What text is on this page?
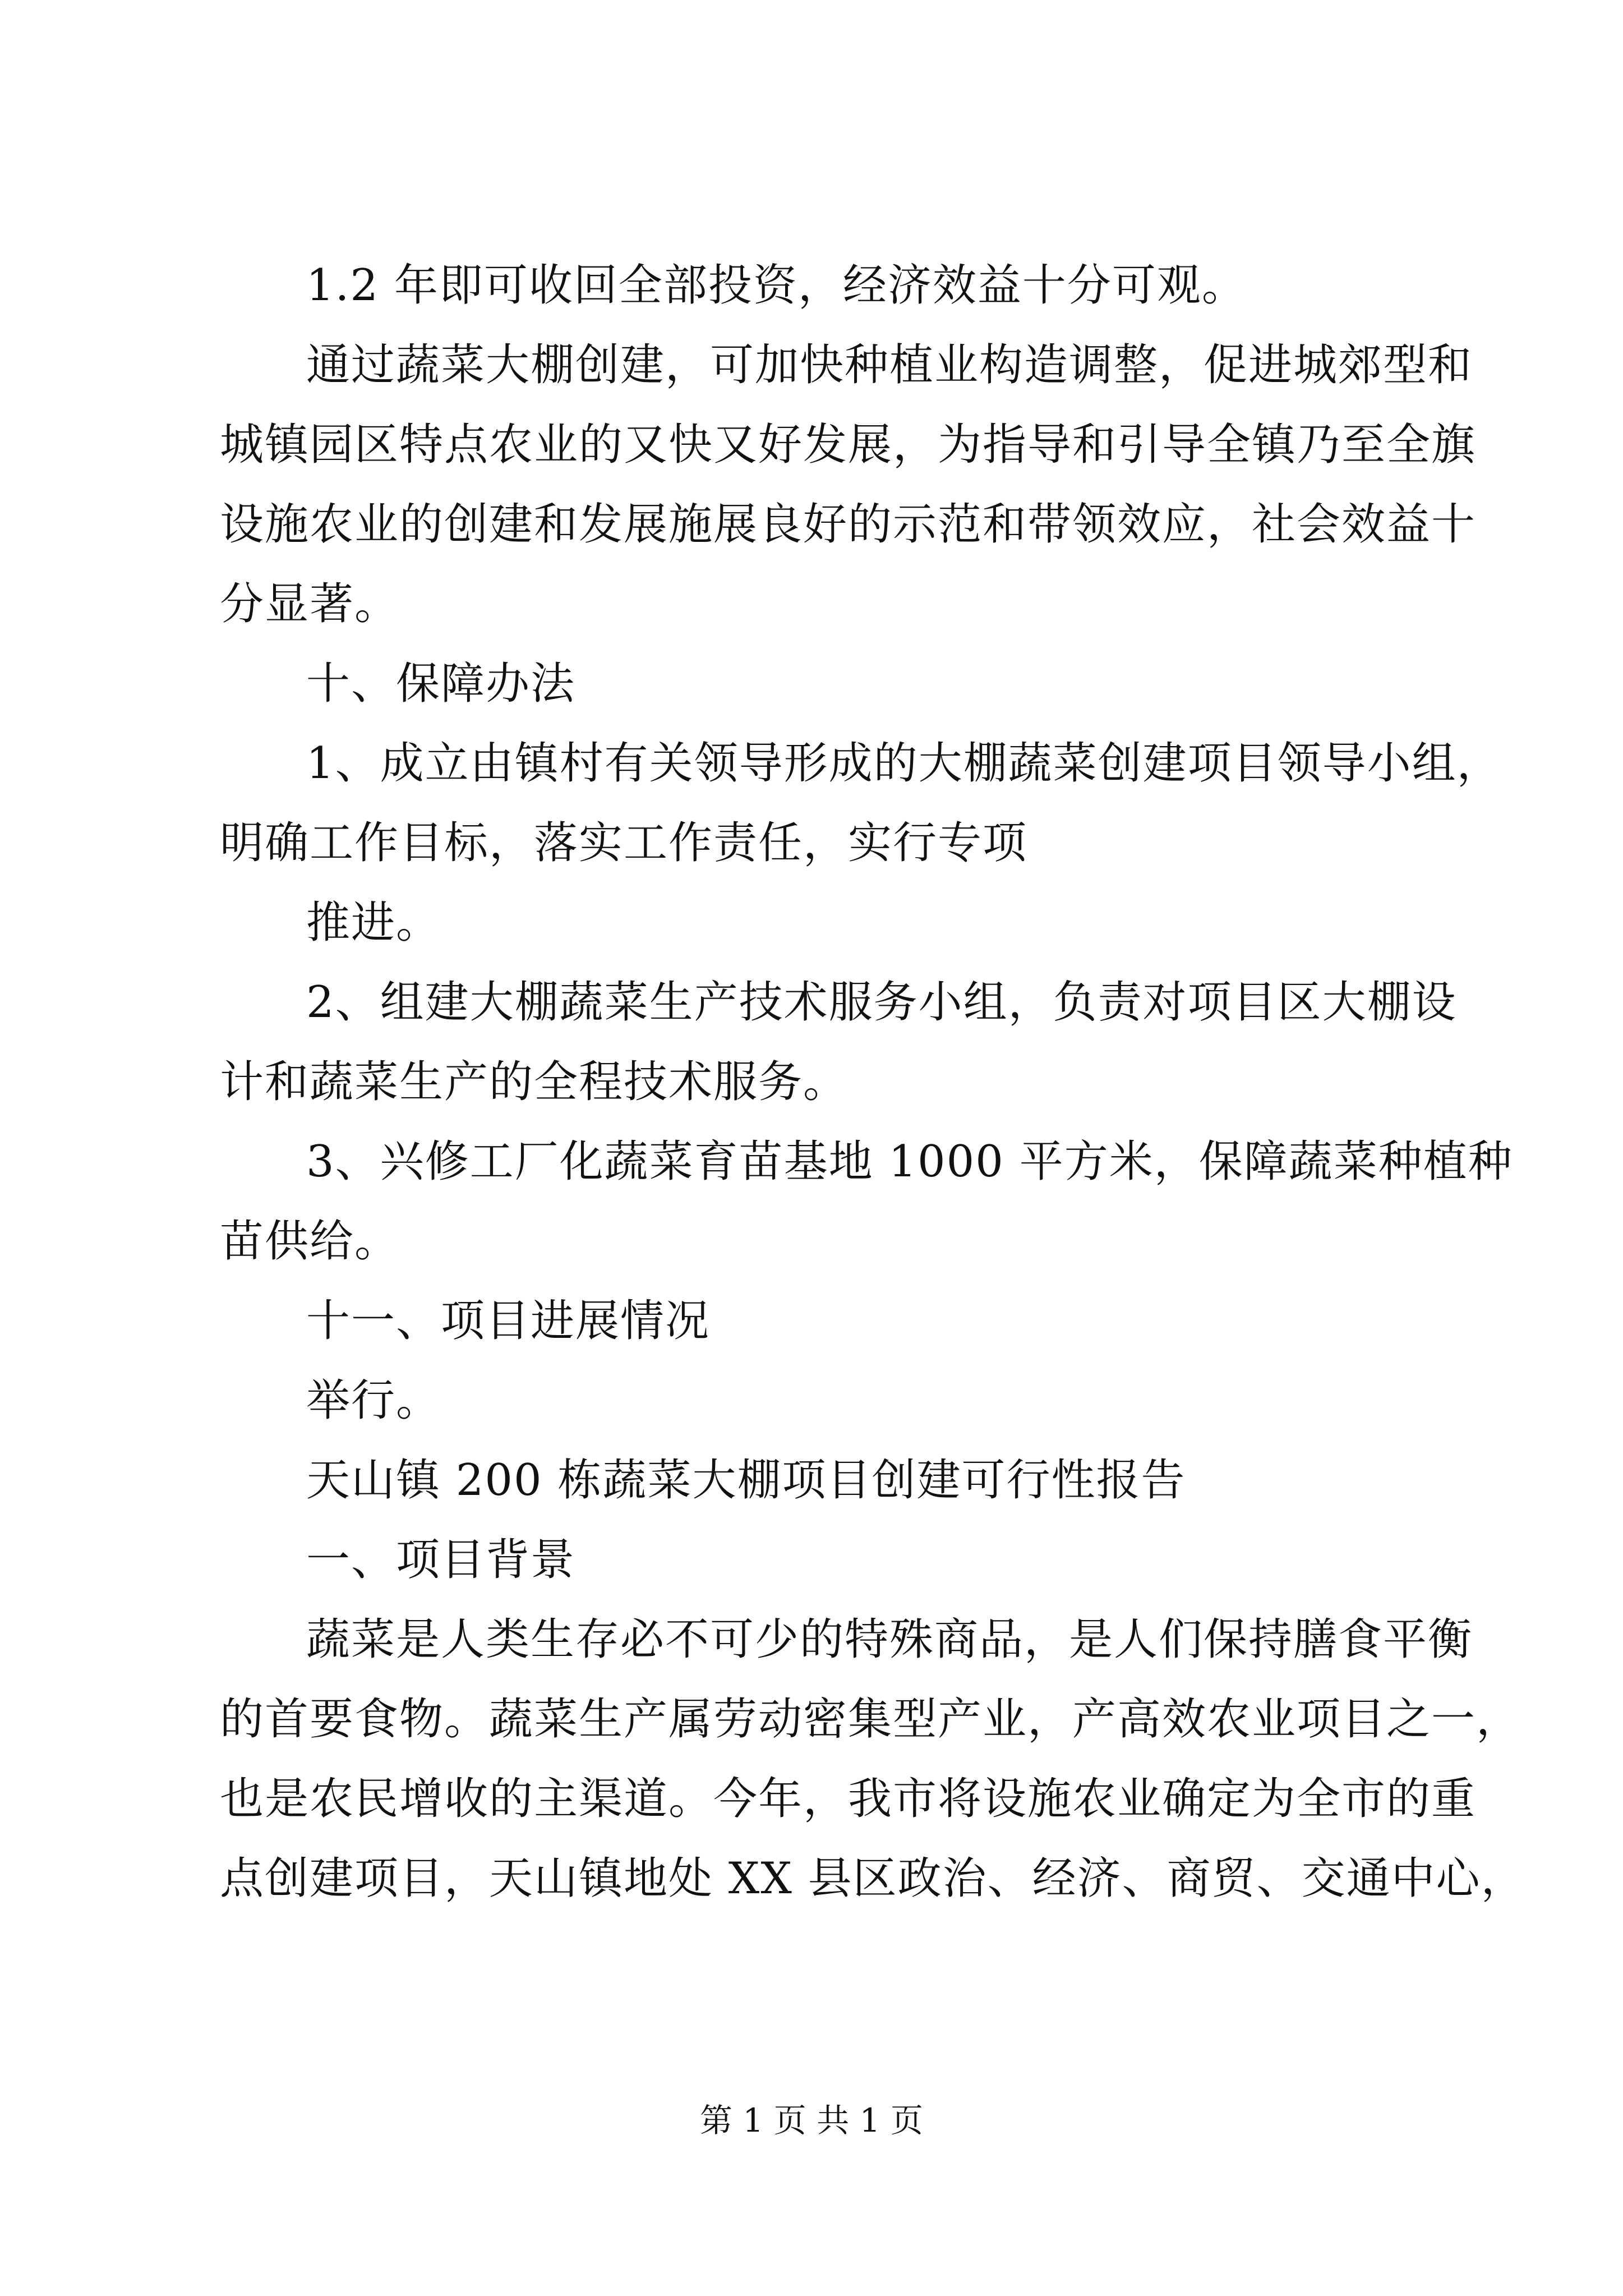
1.2 年即可收回全部投资，经济效益十分可观。
通过蔬菜大棚创建，可加快种植业构造调整，促进城郊型和
城镇园区特点农业的又快又好发展，为指导和引导全镇乃至全旗
设施农业的创建和发展施展良好的示范和带领效应，社会效益十
分显著。
十、保障办法
1、成立由镇村有关领导形成的大棚蔬菜创建项目领导小组，
明确工作目标，落实工作责任，实行专项
推进。
2、组建大棚蔬菜生产技术服务小组，负责对项目区大棚设
计和蔬菜生产的全程技术服务。
3、兴修工厂化蔬菜育苗基地 1000 平方米，保障蔬菜种植种
苗供给。
十一、项目进展情况
举行。
天山镇 200 栋蔬菜大棚项目创建可行性报告
一、项目背景
蔬菜是人类生存必不可少的特殊商品，是人们保持膳食平衡
的首要食物。蔬菜生产属劳动密集型产业，产高效农业项目之一，
也是农民增收的主渠道。今年，我市将设施农业确定为全市的重
点创建项目，天山镇地处 XX 县区政治、经济、商贸、交通中心，
第 1 页 共 1 页
